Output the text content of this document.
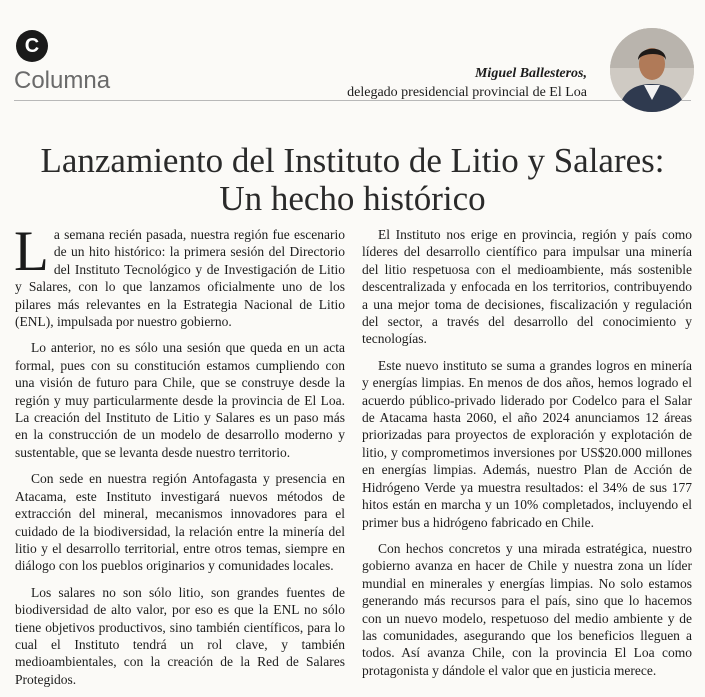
C
Columna	Miguel Ballesteros,
delegado presidencial provincial de El Loa
Lanzamiento del Instituto de Litio y Salares:
Un hecho histórico

La semana recién pasada, nuestra región fue escenario de un hito histórico: la primera sesión del Directorio del Instituto Tecnológico y de Investigación de Litio y Salares, con lo que lanzamos oficialmente uno de los pilares más relevantes en la Estrategia Nacional de Litio (ENL), impulsada por nuestro gobierno.

Lo anterior, no es sólo una sesión que queda en un acta formal, pues con su constitución estamos cumpliendo con una visión de futuro para Chile, que se construye desde la región y muy particularmente desde la provincia de El Loa. La creación del Instituto de Litio y Salares es un paso más en la construcción de un modelo de desarrollo moderno y sustentable, que se levanta desde nuestro territorio.

Con sede en nuestra región Antofagasta y presencia en Atacama, este Instituto investigará nuevos métodos de extracción del mineral, mecanismos innovadores para el cuidado de la biodiversidad, la relación entre la minería del litio y el desarrollo territorial, entre otros temas, siempre en diálogo con los pueblos originarios y comunidades locales.

Los salares no son sólo litio, son grandes fuentes de biodiversidad de alto valor, por eso es que la ENL no sólo tiene objetivos productivos, sino también científicos, para lo cual el Instituto tendrá un rol clave, y también medioambientales, con la creación de la Red de Salares Protegidos.

El Instituto nos erige en provincia, región y país como líderes del desarrollo científico para impulsar una minería del litio respetuosa con el medioambiente, más sostenible descentralizada y enfocada en los territorios, contribuyendo a una mejor toma de decisiones, fiscalización y regulación del sector, a través del desarrollo del conocimiento y tecnologías.

Este nuevo instituto se suma a grandes logros en minería y energías limpias. En menos de dos años, hemos logrado el acuerdo público-privado liderado por Codelco para el Salar de Atacama hasta 2060, el año 2024 anunciamos 12 áreas priorizadas para proyectos de exploración y explotación de litio, y comprometimos inversiones por US$20.000 millones en energías limpias. Además, nuestro Plan de Acción de Hidrógeno Verde ya muestra resultados: el 34% de sus 177 hitos están en marcha y un 10% completados, incluyendo el primer bus a hidrógeno fabricado en Chile.

Con hechos concretos y una mirada estratégica, nuestro gobierno avanza en hacer de Chile y nuestra zona un líder mundial en minerales y energías limpias. No solo estamos generando más recursos para el país, sino que lo hacemos con un nuevo modelo, respetuoso del medio ambiente y de las comunidades, asegurando que los beneficios lleguen a todos. Así avanza Chile, con la provincia El Loa como protagonista y dándole el valor que en justicia merece.
